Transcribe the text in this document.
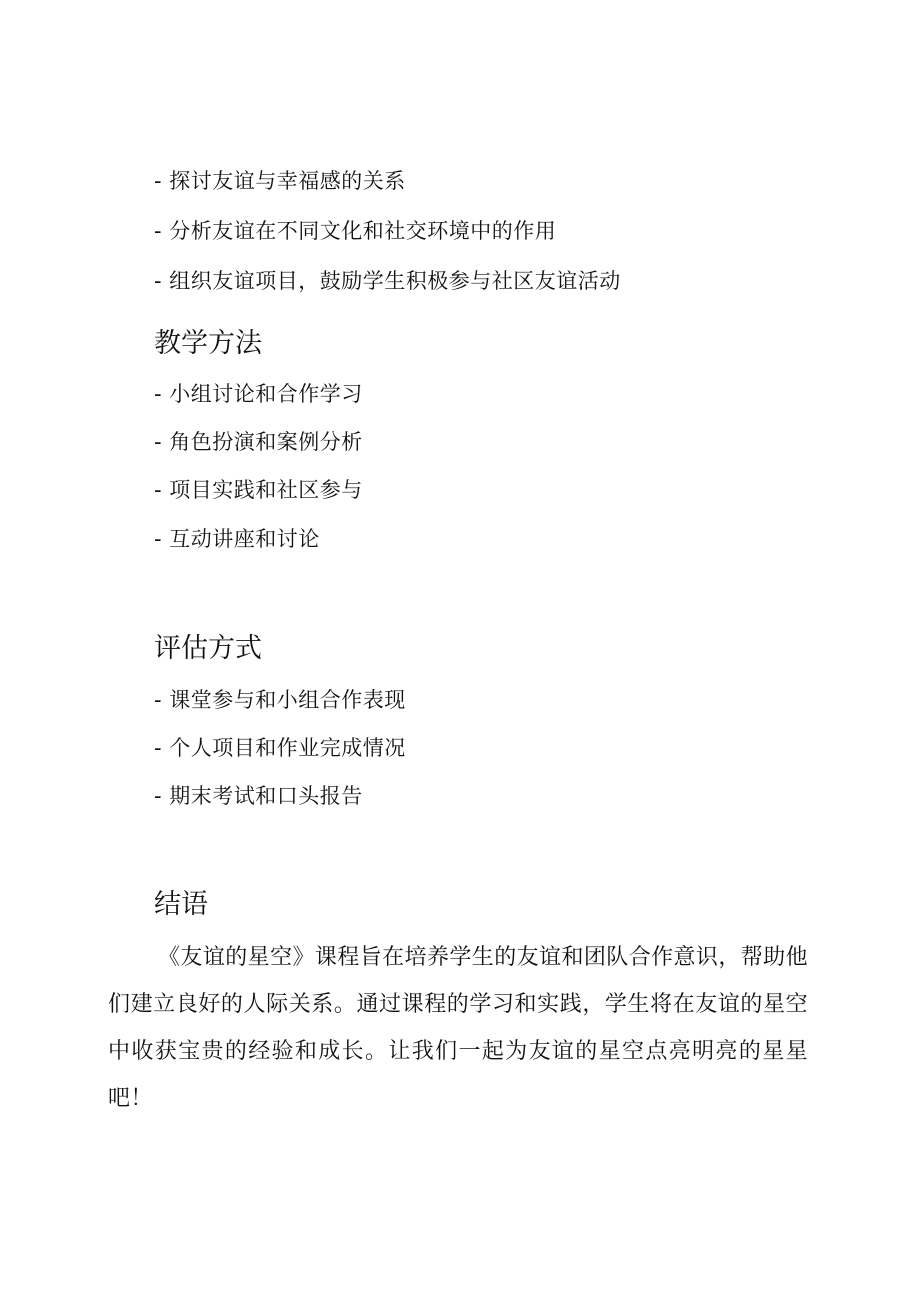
- 探讨友谊与幸福感的关系
- 分析友谊在不同文化和社交环境中的作用
- 组织友谊项目，鼓励学生积极参与社区友谊活动
教学方法
- 小组讨论和合作学习
- 角色扮演和案例分析
- 项目实践和社区参与
- 互动讲座和讨论
评估方式
- 课堂参与和小组合作表现
- 个人项目和作业完成情况
- 期末考试和口头报告
结语
《友谊的星空》课程旨在培养学生的友谊和团队合作意识，帮助他们建立良好的人际关系。通过课程的学习和实践，学生将在友谊的星空中收获宝贵的经验和成长。让我们一起为友谊的星空点亮明亮的星星吧！
